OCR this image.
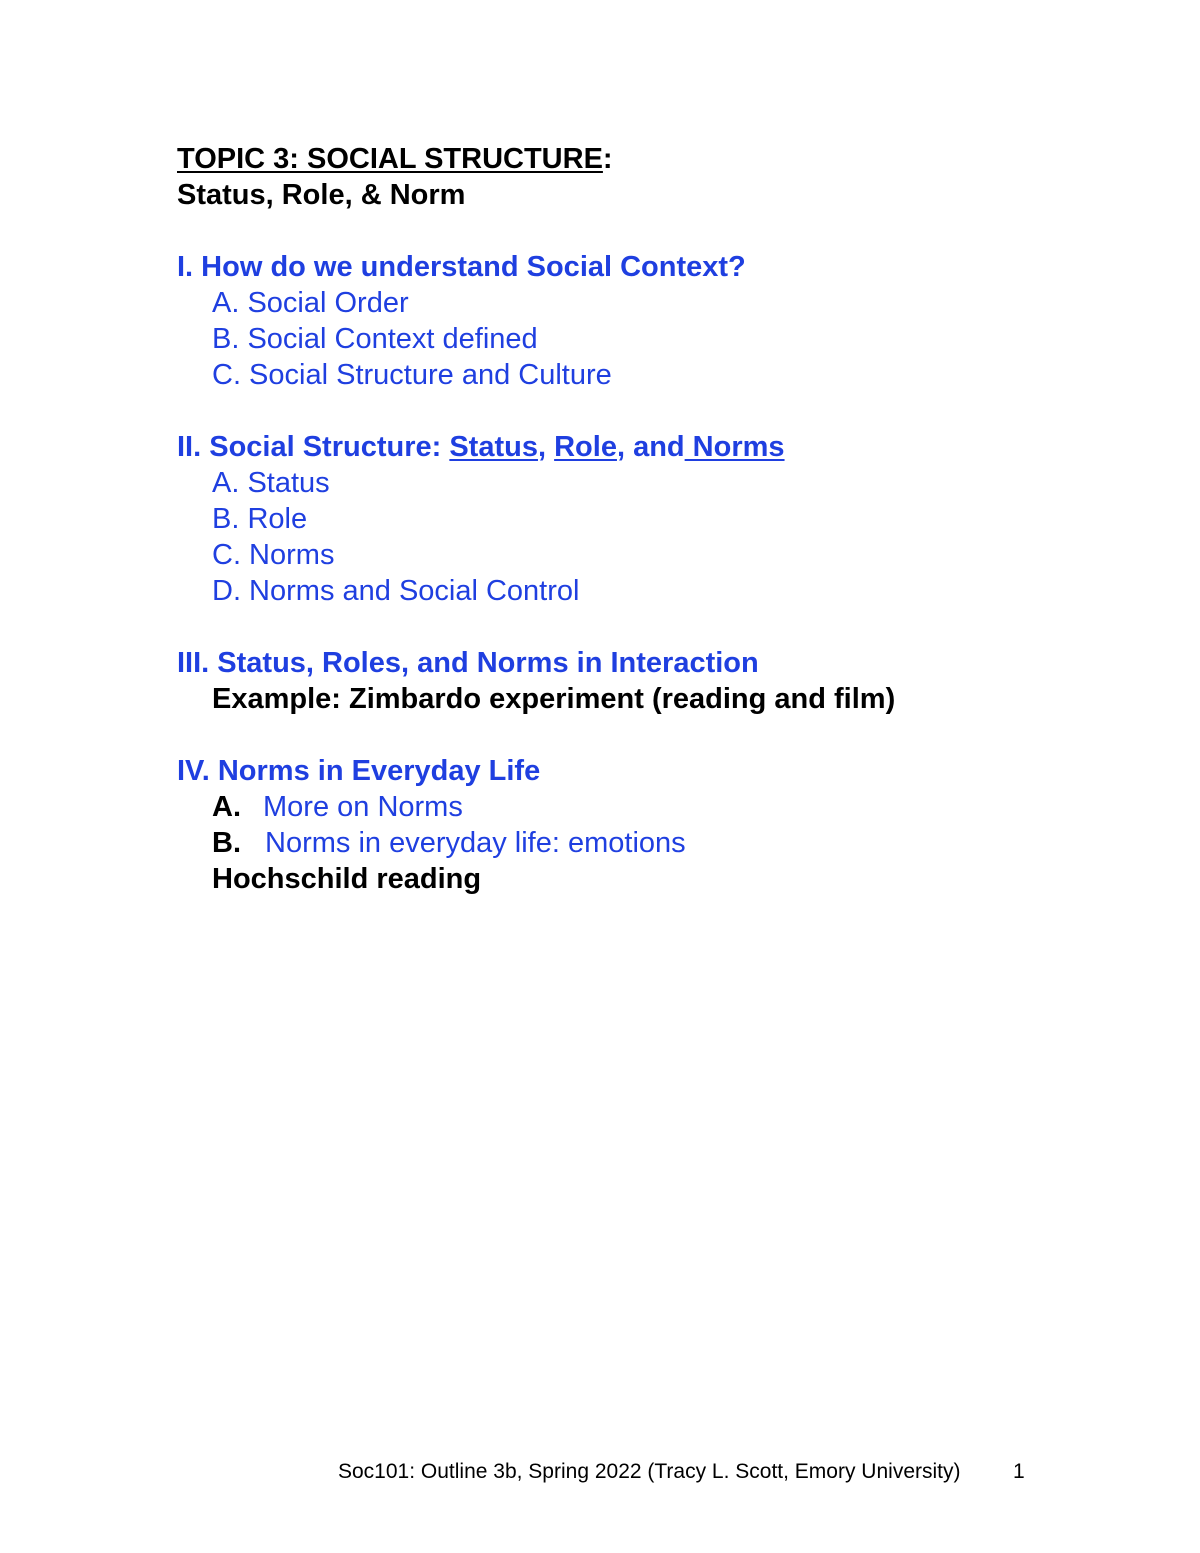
TOPIC 3: SOCIAL STRUCTURE:
Status, Role, & Norm
I. How do we understand Social Context?
A. Social Order
B. Social Context defined
C. Social Structure and Culture
II. Social Structure: Status, Role, and Norms
A. Status
B. Role
C. Norms
D. Norms and Social Control
III. Status, Roles, and Norms in Interaction
Example: Zimbardo experiment (reading and film)
IV. Norms in Everyday Life
A. More on Norms
B. Norms in everyday life: emotions
Hochschild reading
Soc101: Outline 3b, Spring 2022 (Tracy L. Scott, Emory University)	1
